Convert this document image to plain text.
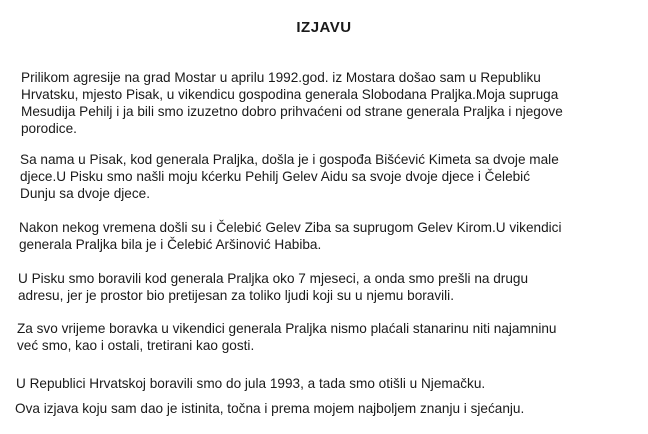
IZJAVU

Prilikom agresije na grad Mostar u aprilu 1992.god. iz Mostara došao sam u Republiku
Hrvatsku, mjesto Pisak, u vikendicu gospodina generala Slobodana Praljka.Moja supruga
Mesudija Pehilj i ja bili smo izuzetno dobro prihvaćeni od strane generala Praljka i njegove
porodice.

Sa nama u Pisak, kod generala Praljka, došla je i gospođa Bišćević Kimeta sa dvoje male
djece.U Pisku smo našli moju kćerku Pehilj Gelev Aidu sa svoje dvoje djece i Čelebić
Dunju sa dvoje djece.

Nakon nekog vremena došli su i Čelebić Gelev Ziba sa suprugom Gelev Kirom.U vikendici
generala Praljka bila je i Čelebić Aršinović Habiba.

U Pisku smo boravili kod generala Praljka oko 7 mjeseci, a onda smo prešli na drugu
adresu, jer je prostor bio pretijesan za toliko ljudi koji su u njemu boravili.

Za svo vrijeme boravka u vikendici generala Praljka nismo plaćali stanarinu niti najamninu
već smo, kao i ostali, tretirani kao gosti.

U Republici Hrvatskoj boravili smo do jula 1993, a tada smo otišli u Njemačku.

Ova izjava koju sam dao je istinita, točna i prema mojem najboljem znanju i sjećanju.
